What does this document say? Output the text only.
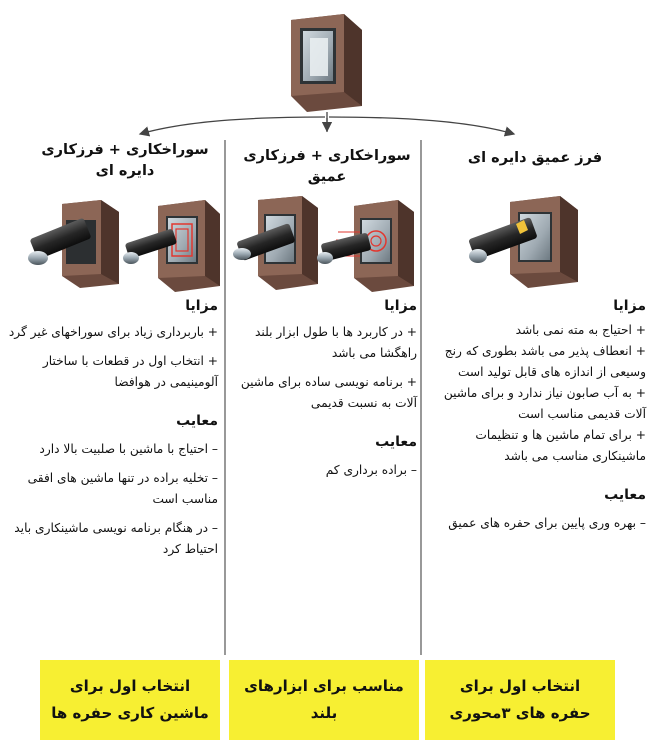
سوراخکاری + فرزکاری
دایره ای
سوراخکاری + فرزکاری
عمیق
فرز عمیق دایره ای
مزایا
+ باربرداری زیاد برای سوراخهای غیر گرد
+ انتخاب اول در قطعات با ساختار آلومینیمی در هوافضا
معایب
– احتیاج با ماشین با صلبیت بالا دارد
– تخلیه براده در تنها ماشین های افقی مناسب است
– در هنگام برنامه نویسی ماشینکاری باید احتیاط کرد
مزایا
+ در کاربرد ها با طول ابزار بلند راهگشا می باشد
+ برنامه نویسی ساده برای ماشین آلات به نسبت قدیمی
معایب
– براده برداری کم
مزایا
+ احتیاج به مته نمی باشد
+ انعطاف پذیر می باشد بطوری که رنج وسیعی از اندازه های قابل تولید است
+ به آب صابون نیاز ندارد و برای ماشین آلات قدیمی مناسب است
+ برای تمام ماشین ها و تنظیمات ماشینکاری مناسب می باشد
معایب
– بهره وری پایین برای حفره های عمیق
انتخاب اول برای
ماشین کاری حفره ها
مناسب برای ابزارهای بلند
انتخاب اول برای
حفره های ۳محوری
